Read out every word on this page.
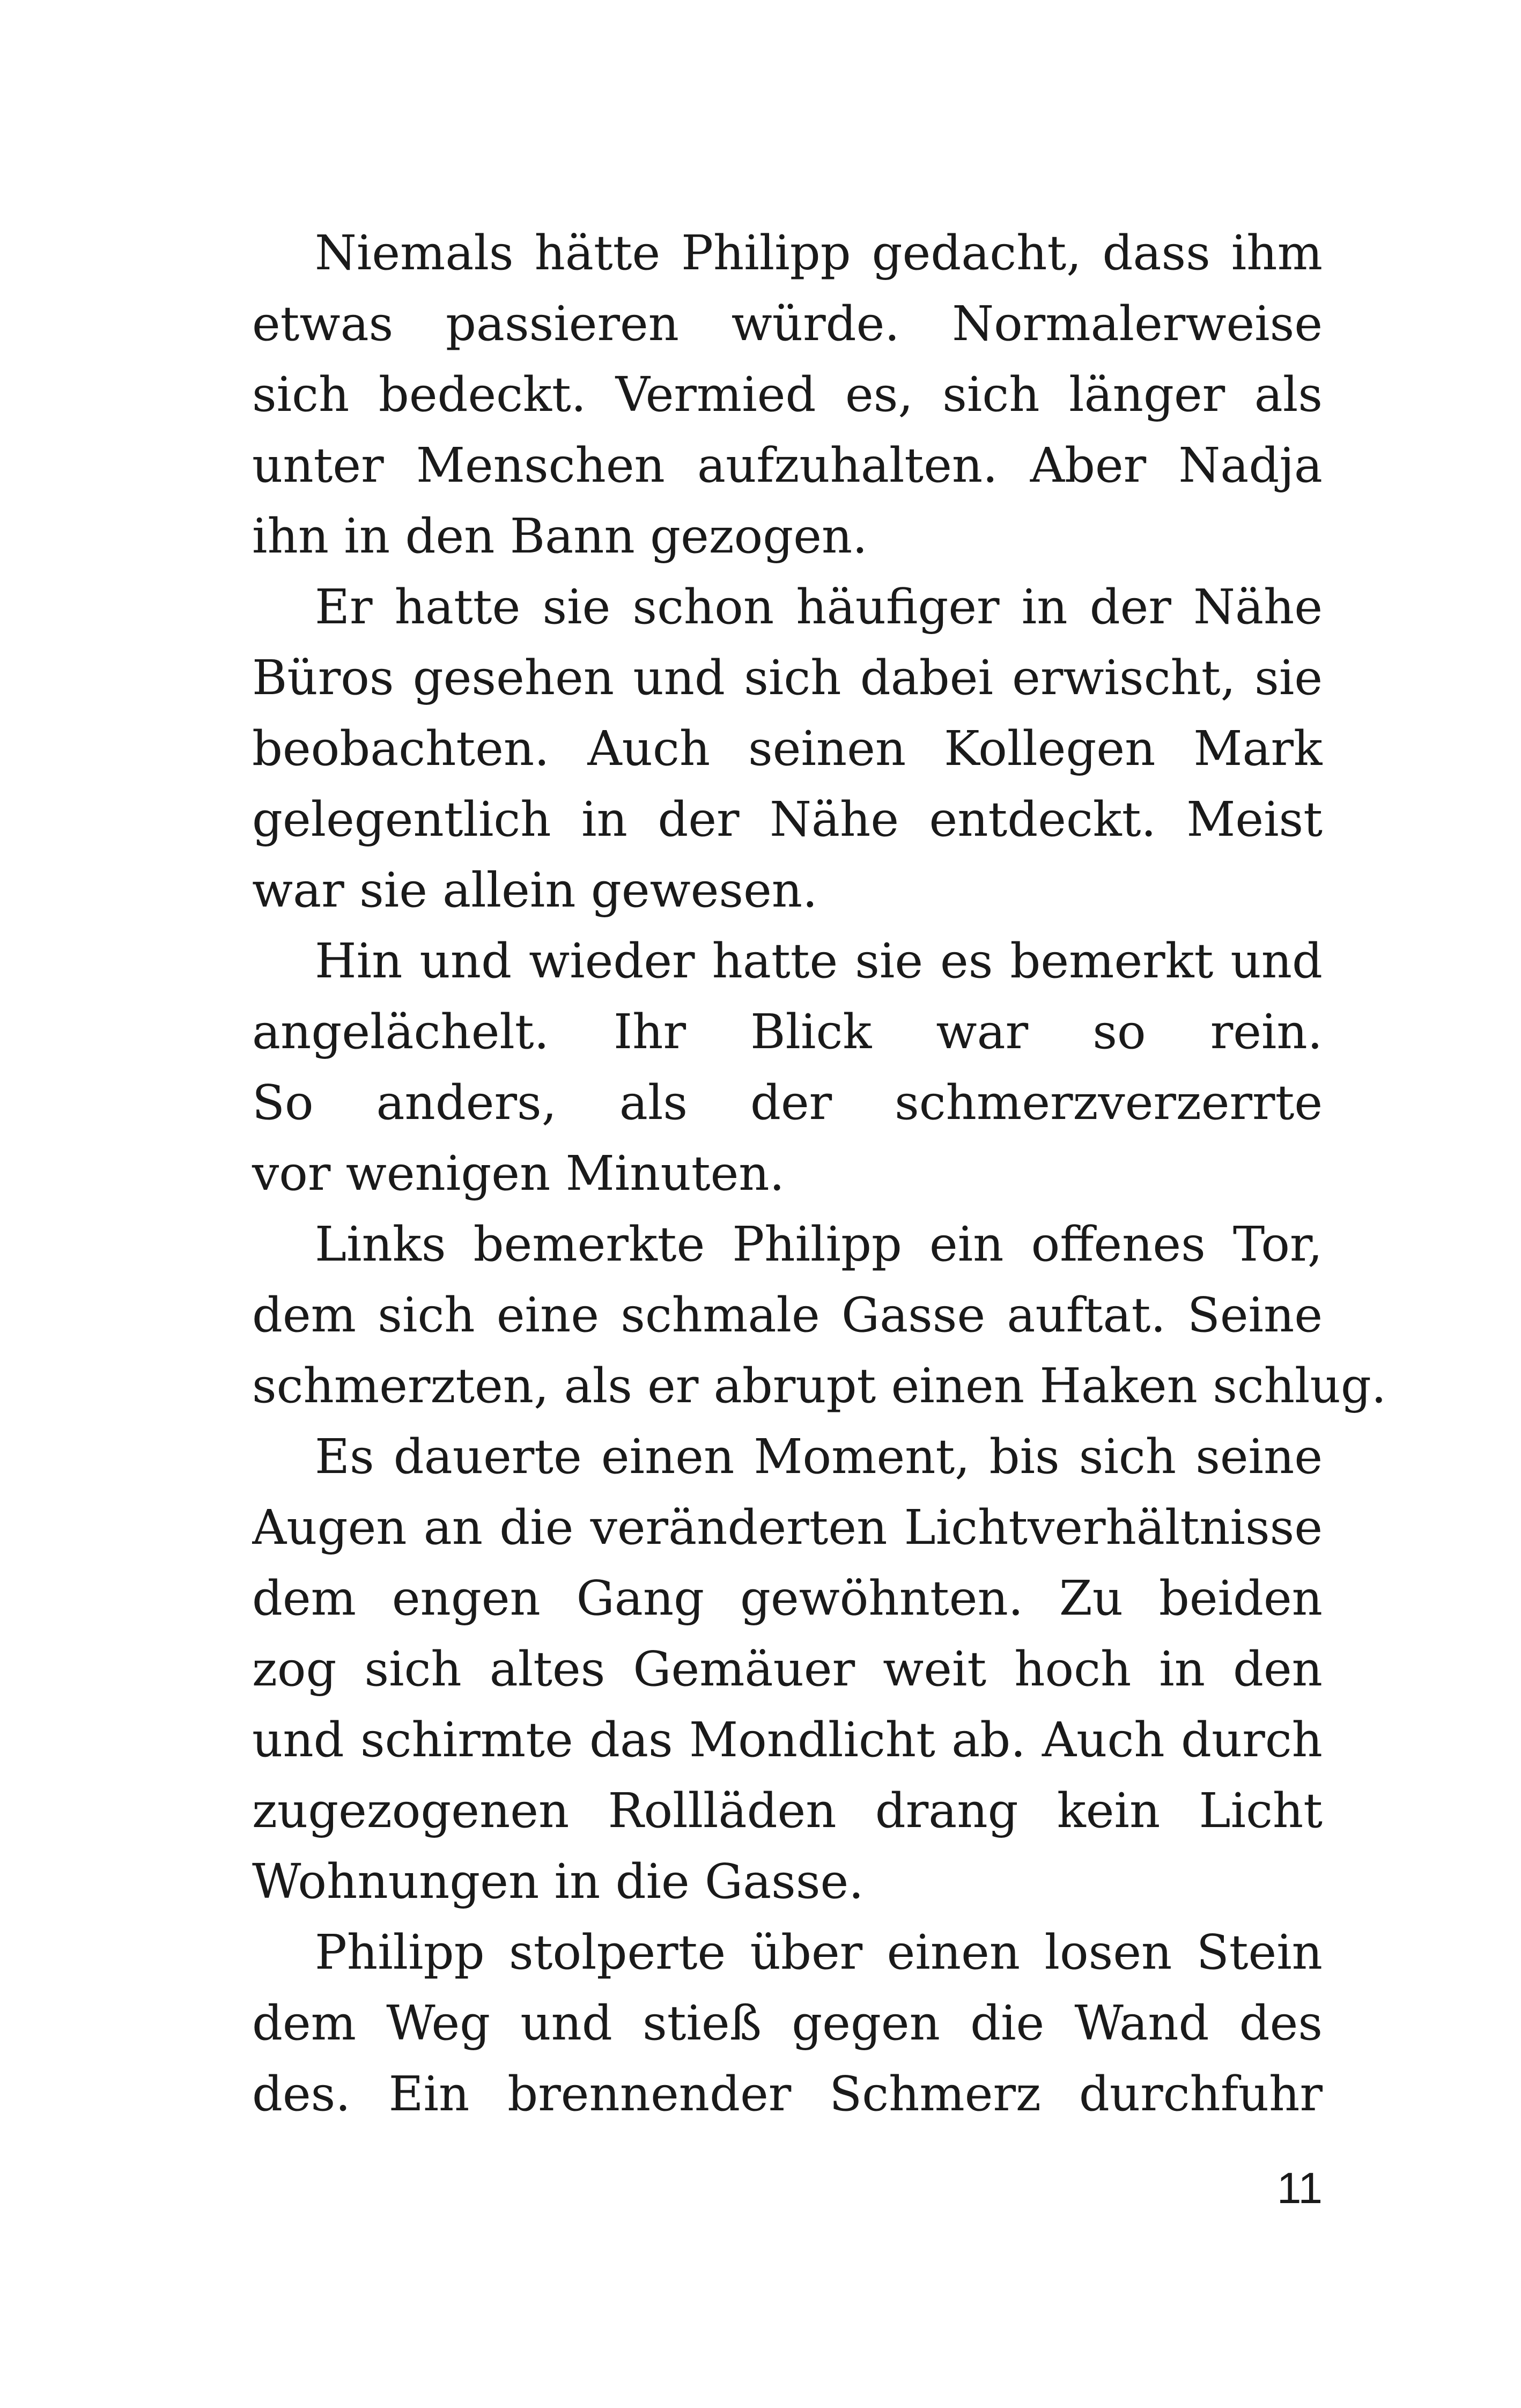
Niemals hätte Philipp gedacht, dass ihm
etwas passieren würde. Normalerweise
sich bedeckt. Vermied es, sich länger als
unter Menschen aufzuhalten. Aber Nadja
ihn in den Bann gezogen.
Er hatte sie schon häufiger in der Nähe
Büros gesehen und sich dabei erwischt, sie
beobachten. Auch seinen Kollegen Mark
gelegentlich in der Nähe entdeckt. Meist
war sie allein gewesen.
Hin und wieder hatte sie es bemerkt und
angelächelt. Ihr Blick war so rein.
So anders, als der schmerzverzerrte
vor wenigen Minuten.
Links bemerkte Philipp ein offenes Tor,
dem sich eine schmale Gasse auftat. Seine
schmerzten, als er abrupt einen Haken schlug.
Es dauerte einen Moment, bis sich seine
Augen an die veränderten Lichtverhältnisse
dem engen Gang gewöhnten. Zu beiden
zog sich altes Gemäuer weit hoch in den
und schirmte das Mondlicht ab. Auch durch
zugezogenen Rollläden drang kein Licht
Wohnungen in die Gasse.
Philipp stolperte über einen losen Stein
dem Weg und stieß gegen die Wand des
des. Ein brennender Schmerz durchfuhr
11
